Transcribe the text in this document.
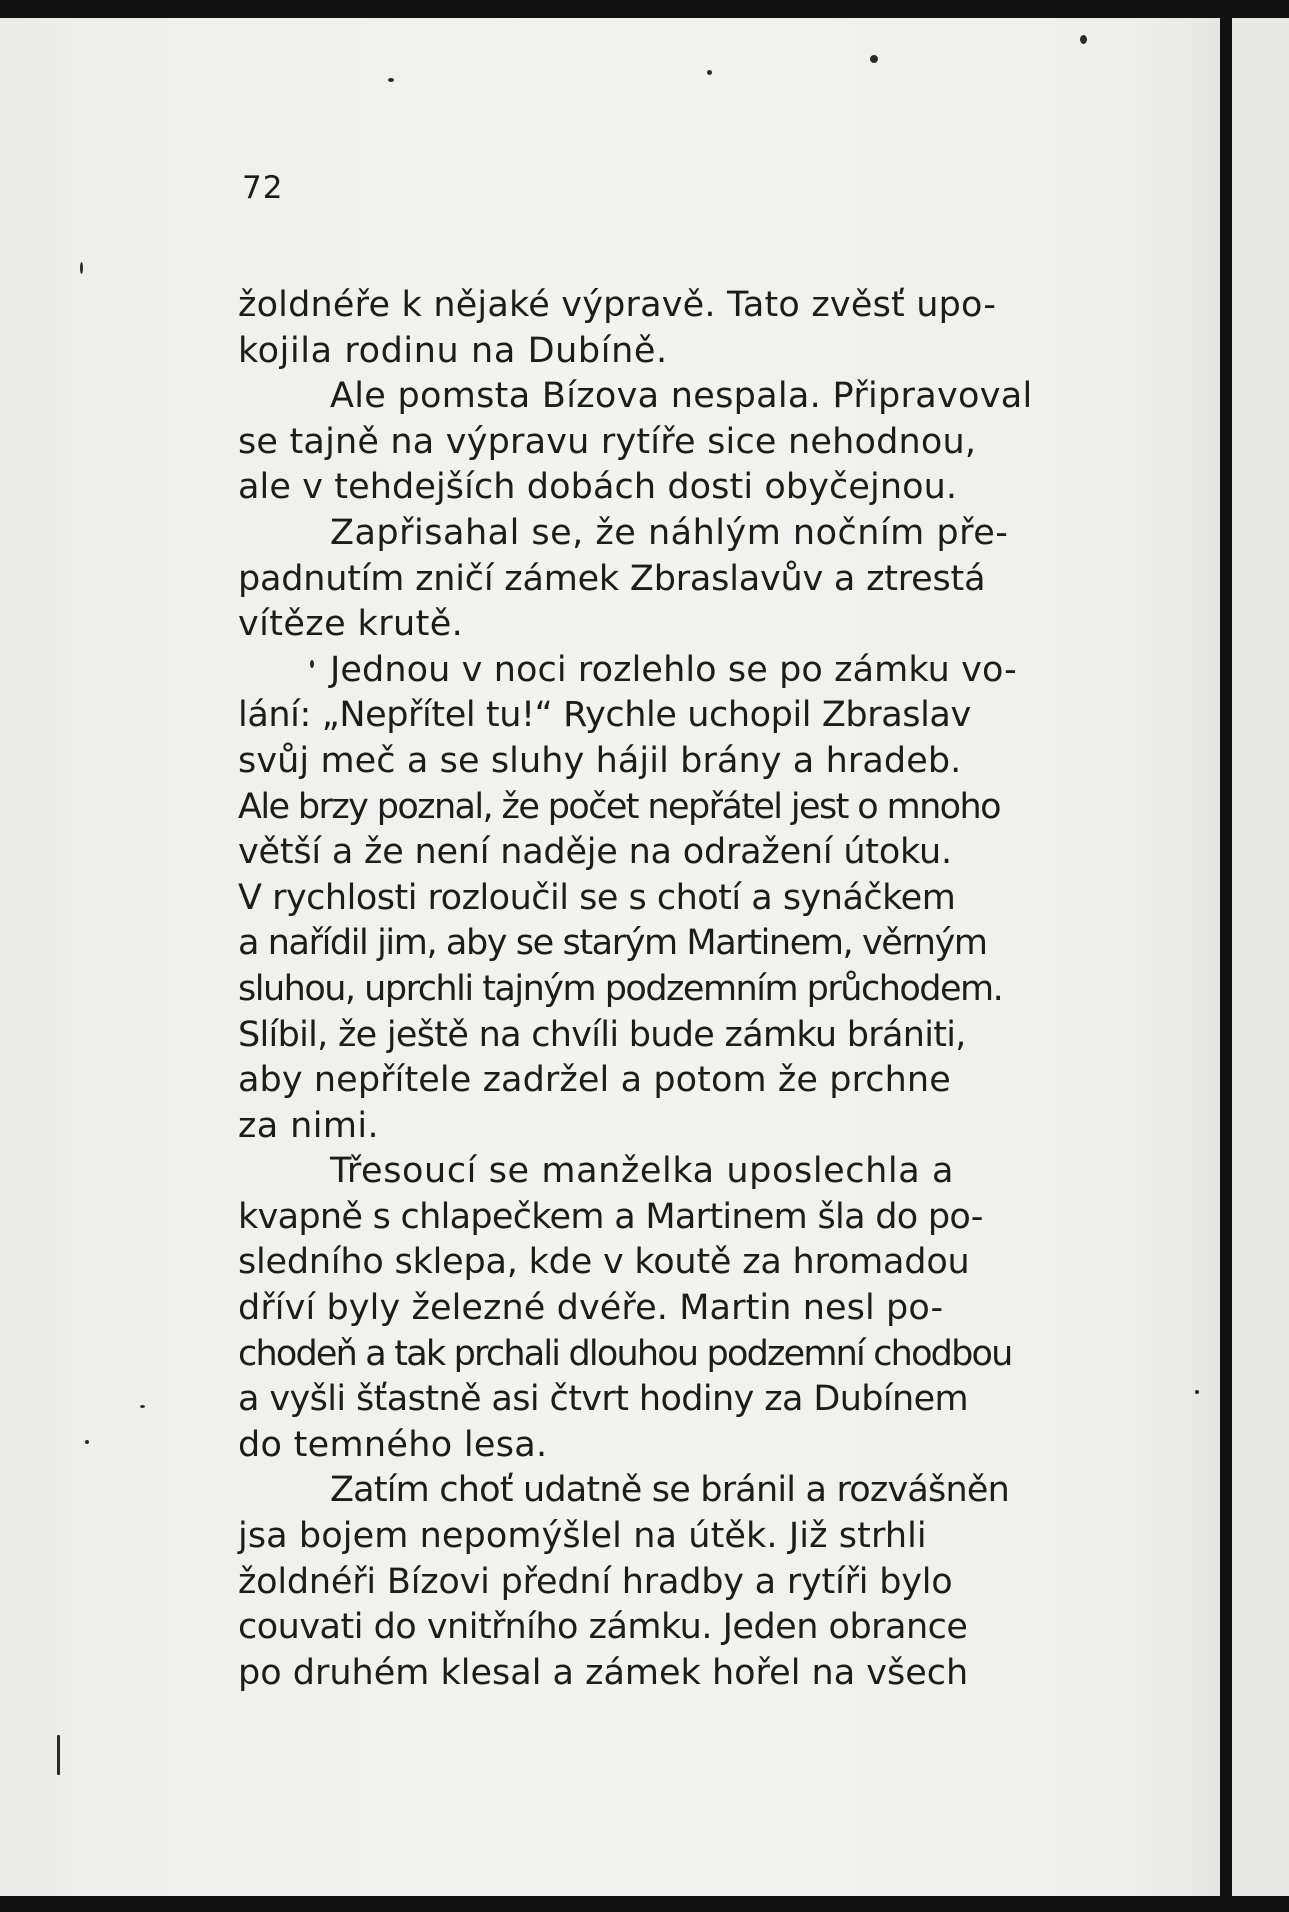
72
žoldnéře k nějaké výpravě. Tato zvěsť upo-
kojila rodinu na Dubíně.
Ale pomsta Bízova nespala. Připravoval
se tajně na výpravu rytíře sice nehodnou,
ale v tehdejších dobách dosti obyčejnou.
Zapřisahal se, že náhlým nočním pře-
padnutím zničí zámek Zbraslavův a ztrestá
vítěze krutě.
Jednou v noci rozlehlo se po zámku vo-
lání: „Nepřítel tu!“ Rychle uchopil Zbraslav
svůj meč a se sluhy hájil brány a hradeb.
Ale brzy poznal, že počet nepřátel jest o mnoho
větší a že není naděje na odražení útoku.
V rychlosti rozloučil se s chotí a synáčkem
a nařídil jim, aby se starým Martinem, věrným
sluhou, uprchli tajným podzemním průchodem.
Slíbil, že ještě na chvíli bude zámku brániti,
aby nepřítele zadržel a potom že prchne
za nimi.
Třesoucí se manželka uposlechla a
kvapně s chlapečkem a Martinem šla do po-
sledního sklepa, kde v koutě za hromadou
dříví byly železné dvéře. Martin nesl po-
chodeň a tak prchali dlouhou podzemní chodbou
a vyšli šťastně asi čtvrt hodiny za Dubínem
do temného lesa.
Zatím choť udatně se bránil a rozvášněn
jsa bojem nepomýšlel na útěk. Již strhli
žoldnéři Bízovi přední hradby a rytíři bylo
couvati do vnitřního zámku. Jeden obrance
po druhém klesal a zámek hořel na všech
